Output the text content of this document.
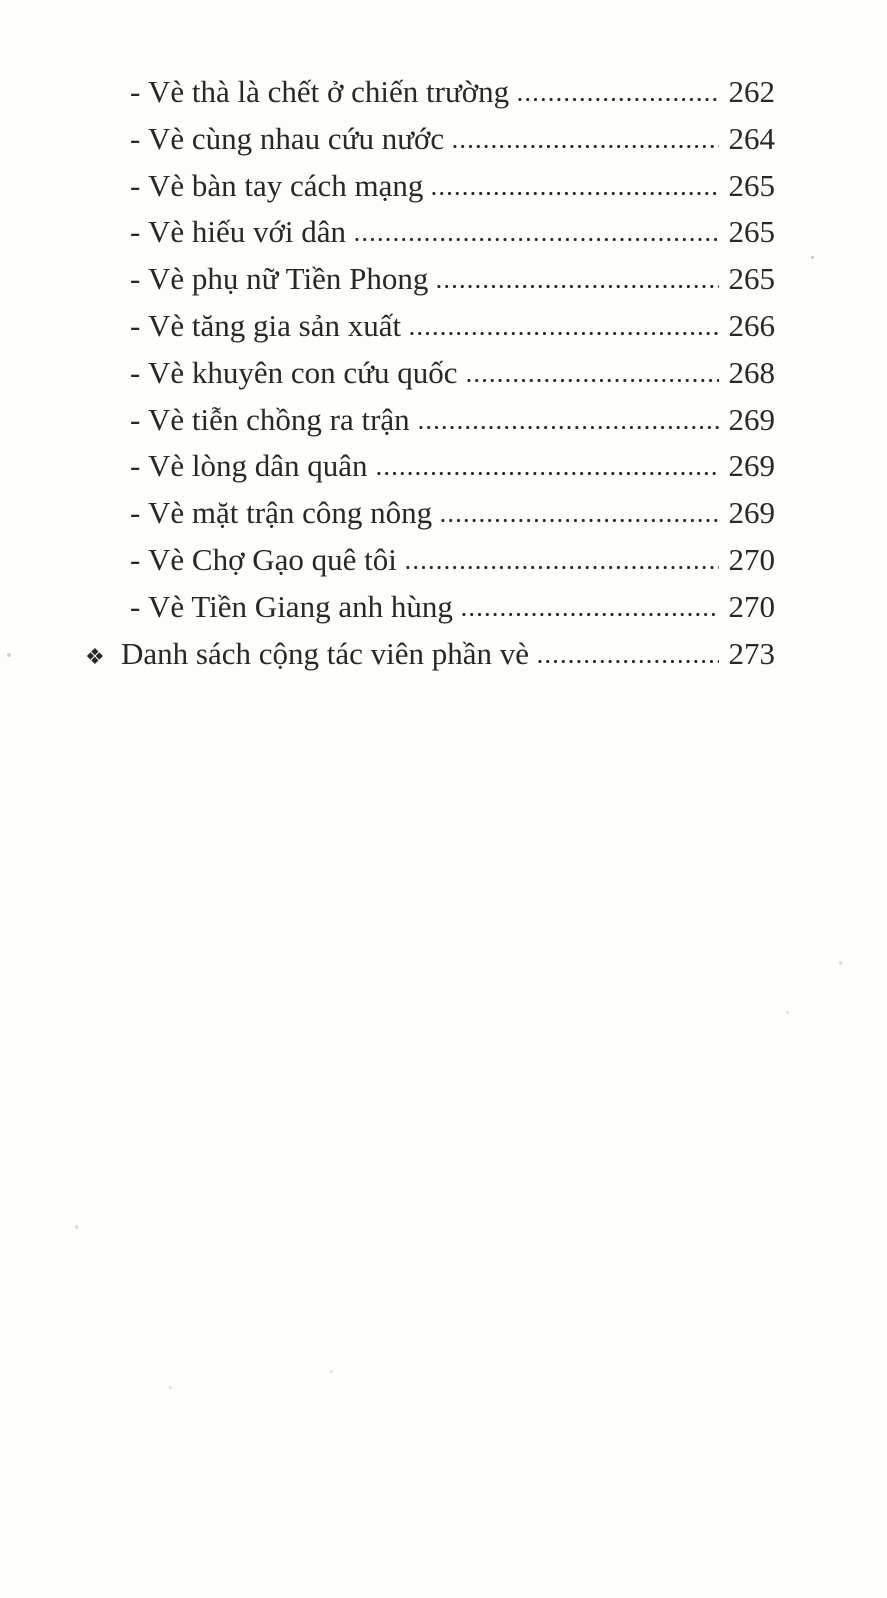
- Vè thà là chết ở chiến trường	262
- Vè cùng nhau cứu nước	264
- Vè bàn tay cách mạng	265
- Vè hiếu với dân	265
- Vè phụ nữ Tiền Phong	265
- Vè tăng gia sản xuất	266
- Vè khuyên con cứu quốc	268
- Vè tiễn chồng ra trận	269
- Vè lòng dân quân	269
- Vè mặt trận công nông	269
- Vè Chợ Gạo quê tôi	270
- Vè Tiền Giang anh hùng	270
❖ Danh sách cộng tác viên phần vè	273
